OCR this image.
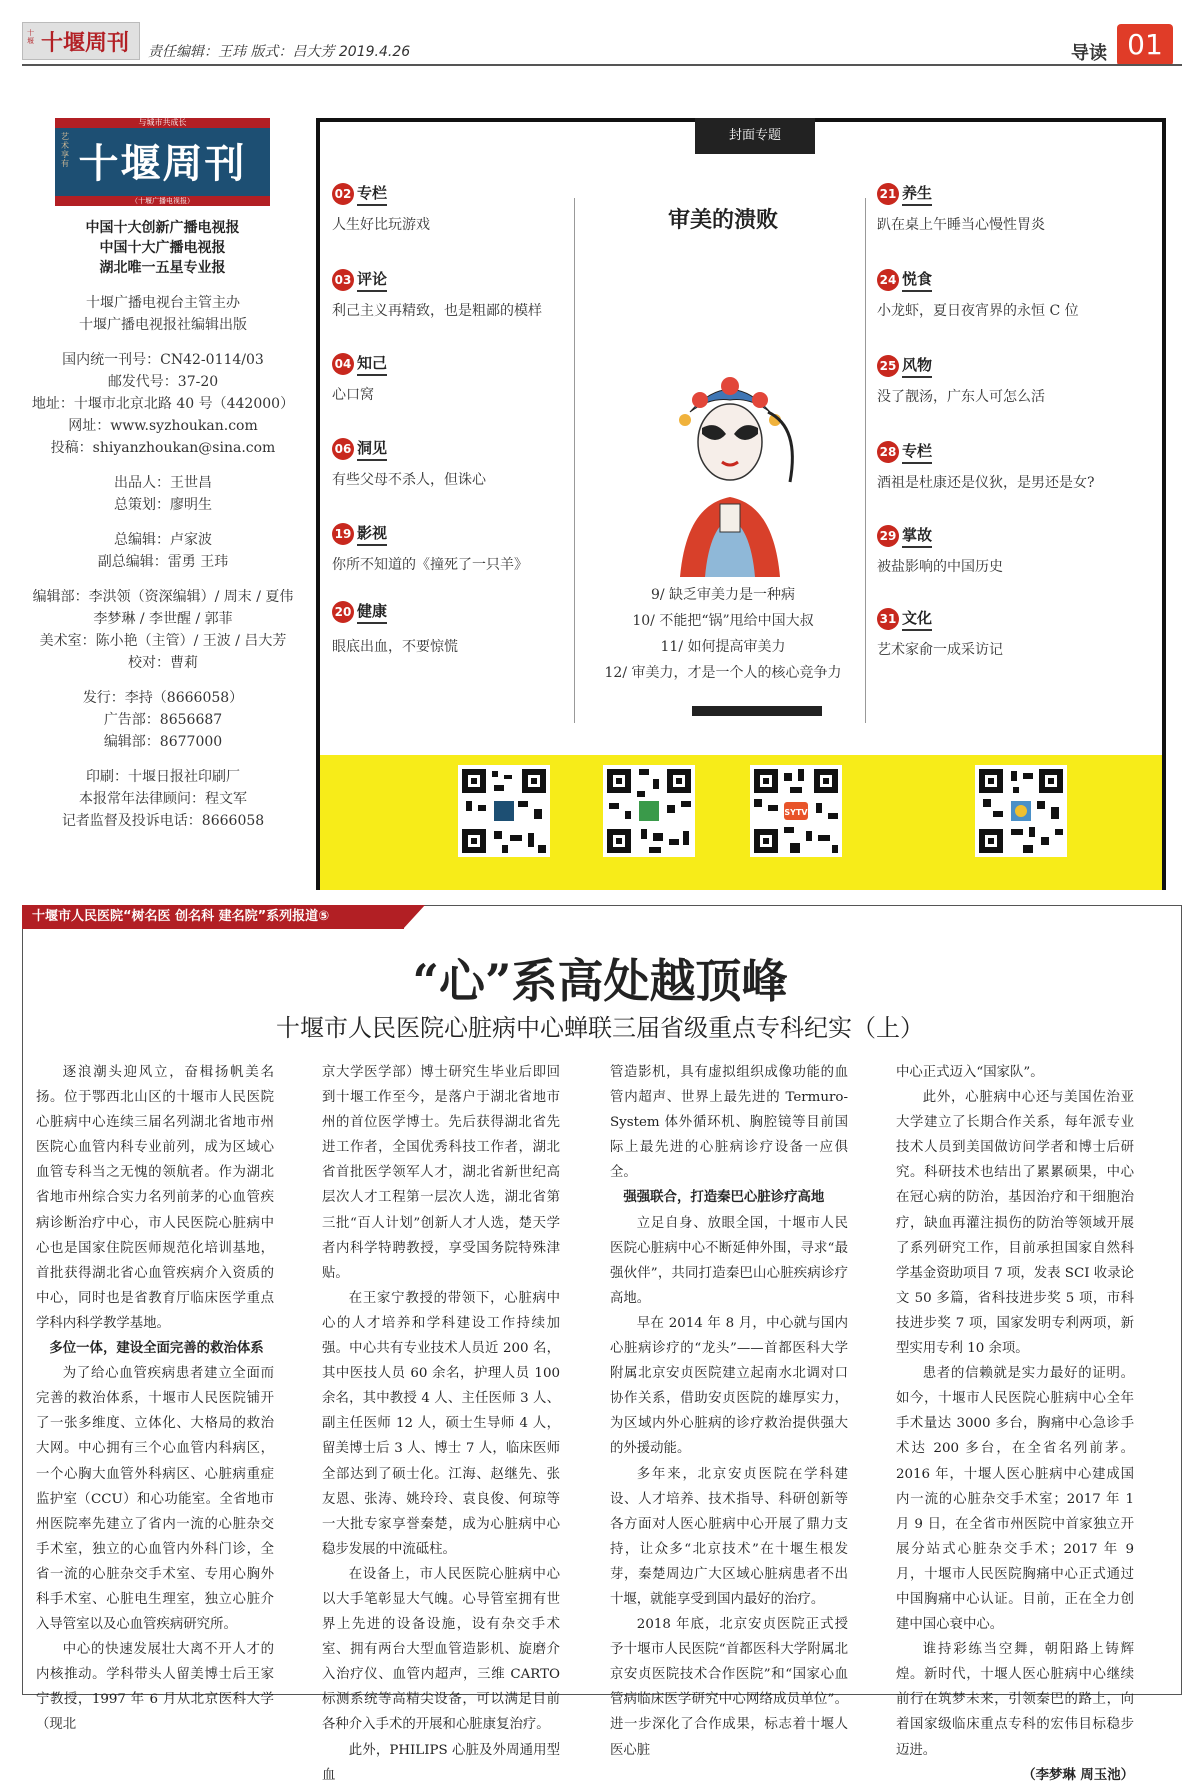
十堰 十堰周刊 责任编辑：王玮 版式：吕大芳 2019.4.26	导读 01
与城市共成长
艺术享有 十堰周刊
（十堰广播电视报）
中国十大创新广播电视报
中国十大广播电视报
湖北唯一五星专业报
十堰广播电视台主管主办
十堰广播电视报社编辑出版
国内统一刊号：CN42-0114/03
邮发代号：37-20
地址：十堰市北京北路 40 号（442000）
网址：www.syzhoukan.com
投稿：shiyanzhoukan@sina.com
出品人：王世昌
总策划：廖明生
总编辑：卢家波
副总编辑：雷勇 王玮
编辑部：李洪领（资深编辑）/ 周末 / 夏伟
李梦琳 / 李世醒 / 郭菲
美术室：陈小艳（主管）/ 王波 / 吕大芳
校对：曹莉
发行：李持（8666058）
广告部：8656687
编辑部：8677000
印刷：十堰日报社印刷厂
本报常年法律顾问：程文军
记者监督及投诉电话：8666058
封面专题
02 专栏
人生好比玩游戏
03 评论
利己主义再精致，也是粗鄙的模样
04 知己
心口窝
06 洞见
有些父母不杀人，但诛心
19 影视
你所不知道的《撞死了一只羊》
20 健康
眼底出血，不要惊慌
审美的溃败
9/ 缺乏审美力是一种病
10/ 不能把“锅”甩给中国大叔
11/ 如何提高审美力
12/ 审美力，才是一个人的核心竞争力
21 养生
趴在桌上午睡当心慢性胃炎
24 悦食
小龙虾，夏日夜宵界的永恒 C 位
25 风物
没了靓汤，广东人可怎么活
28 专栏
酒祖是杜康还是仪狄，是男还是女?
29 掌故
被盐影响的中国历史
31 文化
艺术家俞一成采访记
SYTV
十堰市人民医院“树名医 创名科 建名院”系列报道⑤
“心”系高处越顶峰
十堰市人民医院心脏病中心蝉联三届省级重点专科纪实（上）

逐浪潮头迎风立，奋楫扬帆美名扬。位于鄂西北山区的十堰市人民医院心脏病中心连续三届名列湖北省地市州医院心血管内科专业前列，成为区域心血管专科当之无愧的领航者。作为湖北省地市州综合实力名列前茅的心血管疾病诊断治疗中心，市人民医院心脏病中心也是国家住院医师规范化培训基地，首批获得湖北省心血管疾病介入资质的中心，同时也是省教育厅临床医学重点学科内科学教学基地。

多位一体，建设全面完善的救治体系

为了给心血管疾病患者建立全面而完善的救治体系，十堰市人民医院铺开了一张多维度、立体化、大格局的救治大网。中心拥有三个心血管内科病区，一个心胸大血管外科病区、心脏病重症监护室（CCU）和心功能室。全省地市州医院率先建立了省内一流的心脏杂交手术室，独立的心血管内外科门诊，全省一流的心脏杂交手术室、专用心胸外科手术室、心脏电生理室，独立心脏介入导管室以及心血管疾病研究所。

中心的快速发展壮大离不开人才的内核推动。学科带头人留美博士后王家宁教授，1997 年 6 月从北京医科大学（现北

京大学医学部）博士研究生毕业后即回到十堰工作至今，是落户于湖北省地市州的首位医学博士。先后获得湖北省先进工作者，全国优秀科技工作者，湖北省首批医学领军人才，湖北省新世纪高层次人才工程第一层次人选，湖北省第三批“百人计划”创新人才人选，楚天学者内科学特聘教授，享受国务院特殊津贴。

在王家宁教授的带领下，心脏病中心的人才培养和学科建设工作持续加强。中心共有专业技术人员近 200 名，其中医技人员 60 余名，护理人员 100 余名，其中教授 4 人、主任医师 3 人、副主任医师 12 人，硕士生导师 4 人，留美博士后 3 人、博士 7 人，临床医师全部达到了硕士化。江海、赵继先、张友恩、张涛、姚玲玲、袁良俊、何琼等一大批专家享誉秦楚，成为心脏病中心稳步发展的中流砥柱。

在设备上，市人民医院心脏病中心以大手笔彰显大气魄。心导管室拥有世界上先进的设备设施，设有杂交手术室、拥有两台大型血管造影机、旋磨介入治疗仪、血管内超声，三维 CARTO 标测系统等高精尖设备，可以满足目前各种介入手术的开展和心脏康复治疗。

此外，PHILIPS 心脏及外周通用型血

管造影机，具有虚拟组织成像功能的血管内超声、世界上最先进的 Termuro-System 体外循环机、胸腔镜等目前国际上最先进的心脏病诊疗设备一应俱全。

强强联合，打造秦巴心脏诊疗高地

立足自身、放眼全国，十堰市人民医院心脏病中心不断延伸外围，寻求“最强伙伴”，共同打造秦巴山心脏疾病诊疗高地。

早在 2014 年 8 月，中心就与国内心脏病诊疗的“龙头”——首都医科大学附属北京安贞医院建立起南水北调对口协作关系，借助安贞医院的雄厚实力，为区域内外心脏病的诊疗救治提供强大的外援动能。

多年来，北京安贞医院在学科建设、人才培养、技术指导、科研创新等各方面对人医心脏病中心开展了鼎力支持，让众多“北京技术”在十堰生根发芽，秦楚周边广大区域心脏病患者不出十堰，就能享受到国内最好的治疗。

2018 年底，北京安贞医院正式授予十堰市人民医院“首都医科大学附属北京安贞医院技术合作医院”和“国家心血管病临床医学研究中心网络成员单位”。进一步深化了合作成果，标志着十堰人医心脏

中心正式迈入“国家队”。

此外，心脏病中心还与美国佐治亚大学建立了长期合作关系，每年派专业技术人员到美国做访问学者和博士后研究。科研技术也结出了累累硕果，中心在冠心病的防治，基因治疗和干细胞治疗，缺血再灌注损伤的防治等领域开展了系列研究工作，目前承担国家自然科学基金资助项目 7 项，发表 SCI 收录论文 50 多篇，省科技进步奖 5 项，市科技进步奖 7 项，国家发明专利两项，新型实用专利 10 余项。

患者的信赖就是实力最好的证明。如今，十堰市人民医院心脏病中心全年手术量达 3000 多台，胸痛中心急诊手术达 200 多台，在全省名列前茅。2016 年，十堰人医心脏病中心建成国内一流的心脏杂交手术室；2017 年 1 月 9 日，在全省市州医院中首家独立开展分站式心脏杂交手术；2017 年 9 月，十堰市人民医院胸痛中心正式通过中国胸痛中心认证。目前，正在全力创建中国心衰中心。

谁持彩练当空舞，朝阳路上铸辉煌。新时代，十堰人医心脏病中心继续前行在筑梦未来，引领秦巴的路上，向着国家级临床重点专科的宏伟目标稳步迈进。

（李梦琳 周玉池）
